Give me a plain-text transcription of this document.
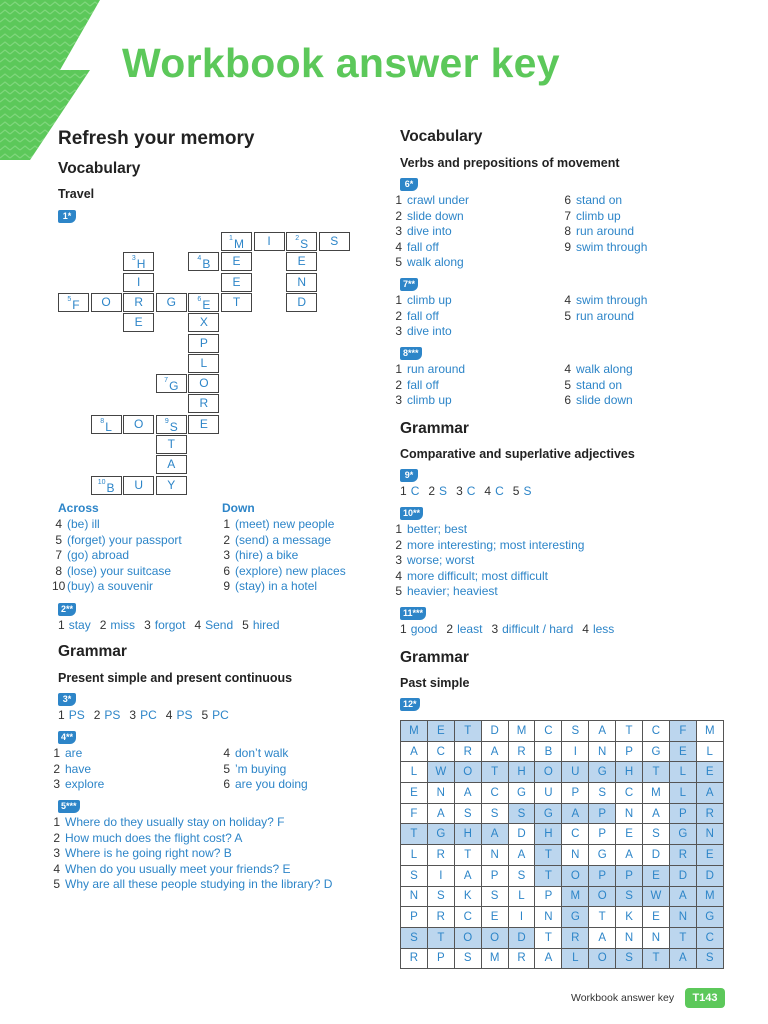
Workbook answer key
Refresh your memory
Vocabulary
Travel
1*
$^1$M	I	$^2$S	S
$^3$H	$^4$B	E	E
I	E	N
$^5$F	O	R	G	$^6$E	T	D
E	X
P
L
$^7$G	O
R
$^8$L	O	$^9$S	E
T
A
$^{10}$B	U	Y
Across	Down
4 (be) ill
5 (forget) your passport
7 (go) abroad
8 (lose) your suitcase
10 (buy) a souvenir
1 (meet) new people
2 (send) a message
3 (hire) a bike
6 (explore) new places
9 (stay) in a hotel
2**
1 stay 2 miss 3 forgot 4 Send 5 hired
Grammar
Present simple and present continuous
3*
1 PS 2 PS 3 PC 4 PS 5 PC
4**
1 are
2 have
3 explore
4 don’t walk
5 ’m buying
6 are you doing
5***
1 Where do they usually stay on holiday? F
2 How much does the flight cost? A
3 Where is he going right now? B
4 When do you usually meet your friends? E
5 Why are all these people studying in the library? D
Vocabulary
Verbs and prepositions of movement
6*
1 crawl under
2 slide down
3 dive into
4 fall off
5 walk along
6 stand on
7 climb up
8 run around
9 swim through
7**
1 climb up
2 fall off
3 dive into
4 swim through
5 run around
8***
1 run around
2 fall off
3 climb up
4 walk along
5 stand on
6 slide down
Grammar
Comparative and superlative adjectives
9*
1 C 2 S 3 C 4 C 5 S
10**
1 better; best
2 more interesting; most interesting
3 worse; worst
4 more difficult; most difficult
5 heavier; heaviest
11***
1 good 2 least 3 difficult / hard 4 less
Grammar
Past simple
12*
M	E	T	D	M	C	S	A	T	C	F	M
A	C	R	A	R	B	I	N	P	G	E	L
L	W	O	T	H	O	U	G	H	T	L	E
E	N	A	C	G	U	P	S	C	M	L	A
F	A	S	S	S	G	A	P	N	A	P	R
T	G	H	A	D	H	C	P	E	S	G	N
L	R	T	N	A	T	N	G	A	D	R	E
S	I	A	P	S	T	O	P	P	E	D	D
N	S	K	S	L	P	M	O	S	W	A	M
P	R	C	E	I	N	G	T	K	E	N	G
S	T	O	O	D	T	R	A	N	N	T	C
R	P	S	M	R	A	L	O	S	T	A	S
Workbook answer key	T143
